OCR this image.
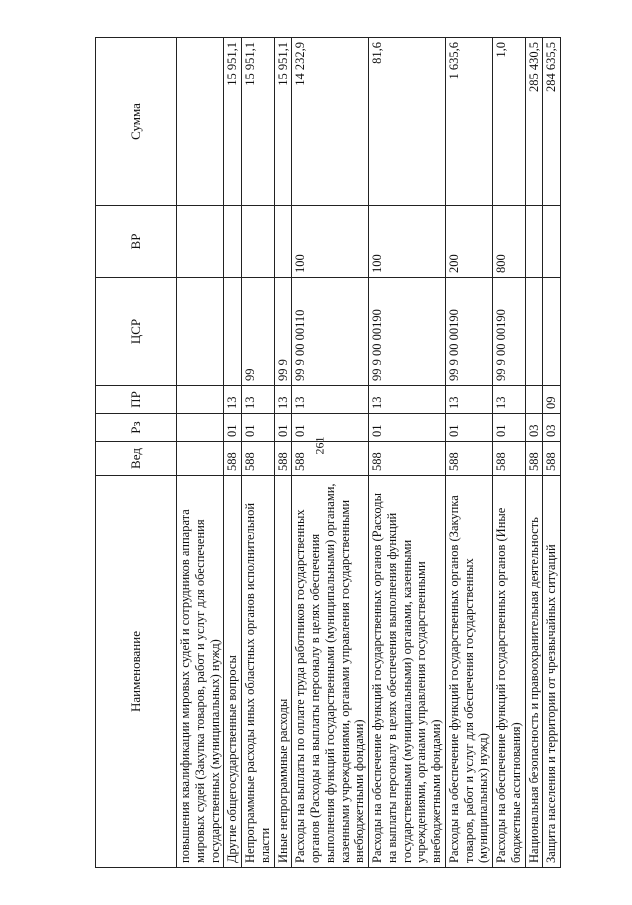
261
Наименование	Вед	Рз	ПР	ЦСР	ВР	Сумма
повышения квалификации мировых судей и сотрудников аппарата мировых судей (Закупка товаров, работ и услуг для обеспечения государственных (муниципальных) нужд)						
Другие общегосударственные вопросы	588	01	13			15 951,1
Непрограммные расходы иных областных органов исполнительной власти	588	01	13	99		15 951,1
Иные непрограммные расходы	588	01	13	99 9		15 951,1
Расходы на выплаты по оплате труда работников государственных органов (Расходы на выплаты персоналу в целях обеспечения выполнения функций государственными (муниципальными) органами, казенными учреждениями, органами управления государственными внебюджетными фондами)	588	01	13	99 9 00 00110	100	14 232,9
Расходы на обеспечение функций государственных органов (Расходы на выплаты персоналу в целях обеспечения выполнения функций государственными (муниципальными) органами, казенными учреждениями, органами управления государственными внебюджетными фондами)	588	01	13	99 9 00 00190	100	81,6
Расходы на обеспечение функций государственных органов (Закупка товаров, работ и услуг для обеспечения государственных (муниципальных) нужд)	588	01	13	99 9 00 00190	200	1 635,6
Расходы на обеспечение функций государственных органов (Иные бюджетные ассигнования)	588	01	13	99 9 00 00190	800	1,0
Национальная безопасность и правоохранительная деятельность	588	03				285 430,5
Защита населения и территории от чрезвычайных ситуаций	588	03	09			284 635,5
